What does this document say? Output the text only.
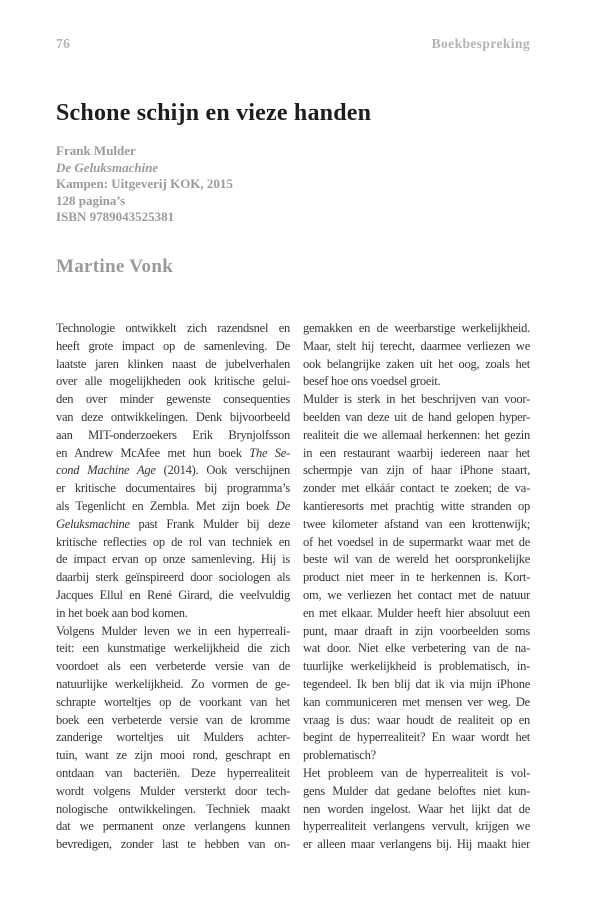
76	Boekbespreking
Schone schijn en vieze handen
Frank Mulder
De Geluksmachine
Kampen: Uitgeverij KOK, 2015
128 pagina’s
ISBN 9789043525381
Martine Vonk
Technologie ontwikkelt zich razendsnel en
heeft grote impact op de samenleving. De
laatste jaren klinken naast de jubelverhalen
over alle mogelijkheden ook kritische gelui-
den over minder gewenste consequenties
van deze ontwikkelingen. Denk bijvoorbeeld
aan MIT-onderzoekers Erik Brynjolfsson
en Andrew McAfee met hun boek The Se-
cond Machine Age (2014). Ook verschijnen
er kritische documentaires bij programma’s
als Tegenlicht en Zembla. Met zijn boek De
Geluksmachine past Frank Mulder bij deze
kritische reflecties op de rol van techniek en
de impact ervan op onze samenleving. Hij is
daarbij sterk geïnspireerd door sociologen als
Jacques Ellul en René Girard, die veelvuldig
in het boek aan bod komen.
Volgens Mulder leven we in een hyperreali-
teit: een kunstmatige werkelijkheid die zich
voordoet als een verbeterde versie van de
natuurlijke werkelijkheid. Zo vormen de ge-
schrapte worteltjes op de voorkant van het
boek een verbeterde versie van de kromme
zanderige worteltjes uit Mulders achter-
tuin, want ze zijn mooi rond, geschrapt en
ontdaan van bacteriën. Deze hyperrealiteit
wordt volgens Mulder versterkt door tech-
nologische ontwikkelingen. Techniek maakt
dat we permanent onze verlangens kunnen
bevredigen, zonder last te hebben van on-
gemakken en de weerbarstige werkelijkheid.
Maar, stelt hij terecht, daarmee verliezen we
ook belangrijke zaken uit het oog, zoals het
besef hoe ons voedsel groeit.
Mulder is sterk in het beschrijven van voor-
beelden van deze uit de hand gelopen hyper-
realiteit die we allemaal herkennen: het gezin
in een restaurant waarbij iedereen naar het
schermpje van zijn of haar iPhone staart,
zonder met elkáár contact te zoeken; de va-
kantieresorts met prachtig witte stranden op
twee kilometer afstand van een krottenwijk;
of het voedsel in de supermarkt waar met de
beste wil van de wereld het oorspronkelijke
product niet meer in te herkennen is. Kort-
om, we verliezen het contact met de natuur
en met elkaar. Mulder heeft hier absoluut een
punt, maar draaft in zijn voorbeelden soms
wat door. Niet elke verbetering van de na-
tuurlijke werkelijkheid is problematisch, in-
tegendeel. Ik ben blij dat ik via mijn iPhone
kan communiceren met mensen ver weg. De
vraag is dus: waar houdt de realiteit op en
begint de hyperrealiteit? En waar wordt het
problematisch?
Het probleem van de hyperrealiteit is vol-
gens Mulder dat gedane beloftes niet kun-
nen worden ingelost. Waar het lijkt dat de
hyperrealiteit verlangens vervult, krijgen we
er alleen maar verlangens bij. Hij maakt hier
